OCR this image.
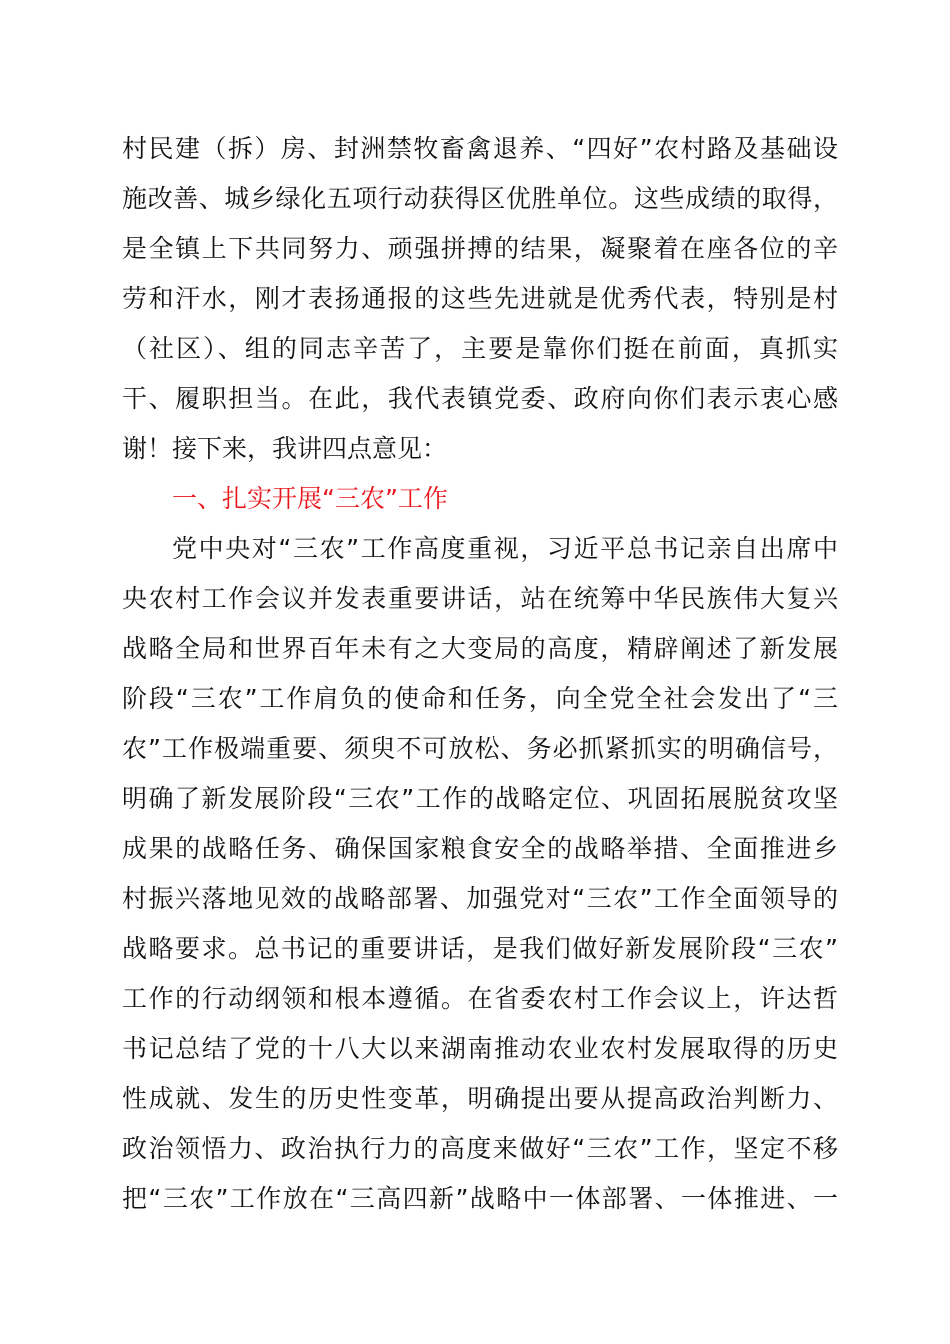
村民建（拆）房、封洲禁牧畜禽退养、“四好”农村路及基础设
施改善、城乡绿化五项行动获得区优胜单位。这些成绩的取得，
是全镇上下共同努力、顽强拼搏的结果，凝聚着在座各位的辛
劳和汗水，刚才表扬通报的这些先进就是优秀代表，特别是村
（社区）、组的同志辛苦了，主要是靠你们挺在前面，真抓实
干、履职担当。在此，我代表镇党委、政府向你们表示衷心感
谢！接下来，我讲四点意见：
一、扎实开展“三农”工作
党中央对“三农”工作高度重视，习近平总书记亲自出席中
央农村工作会议并发表重要讲话，站在统筹中华民族伟大复兴
战略全局和世界百年未有之大变局的高度，精辟阐述了新发展
阶段“三农”工作肩负的使命和任务，向全党全社会发出了“三
农”工作极端重要、须臾不可放松、务必抓紧抓实的明确信号，
明确了新发展阶段“三农”工作的战略定位、巩固拓展脱贫攻坚
成果的战略任务、确保国家粮食安全的战略举措、全面推进乡
村振兴落地见效的战略部署、加强党对“三农”工作全面领导的
战略要求。总书记的重要讲话，是我们做好新发展阶段“三农”
工作的行动纲领和根本遵循。在省委农村工作会议上，许达哲
书记总结了党的十八大以来湖南推动农业农村发展取得的历史
性成就、发生的历史性变革，明确提出要从提高政治判断力、
政治领悟力、政治执行力的高度来做好“三农”工作，坚定不移
把“三农”工作放在“三高四新”战略中一体部署、一体推进、一
